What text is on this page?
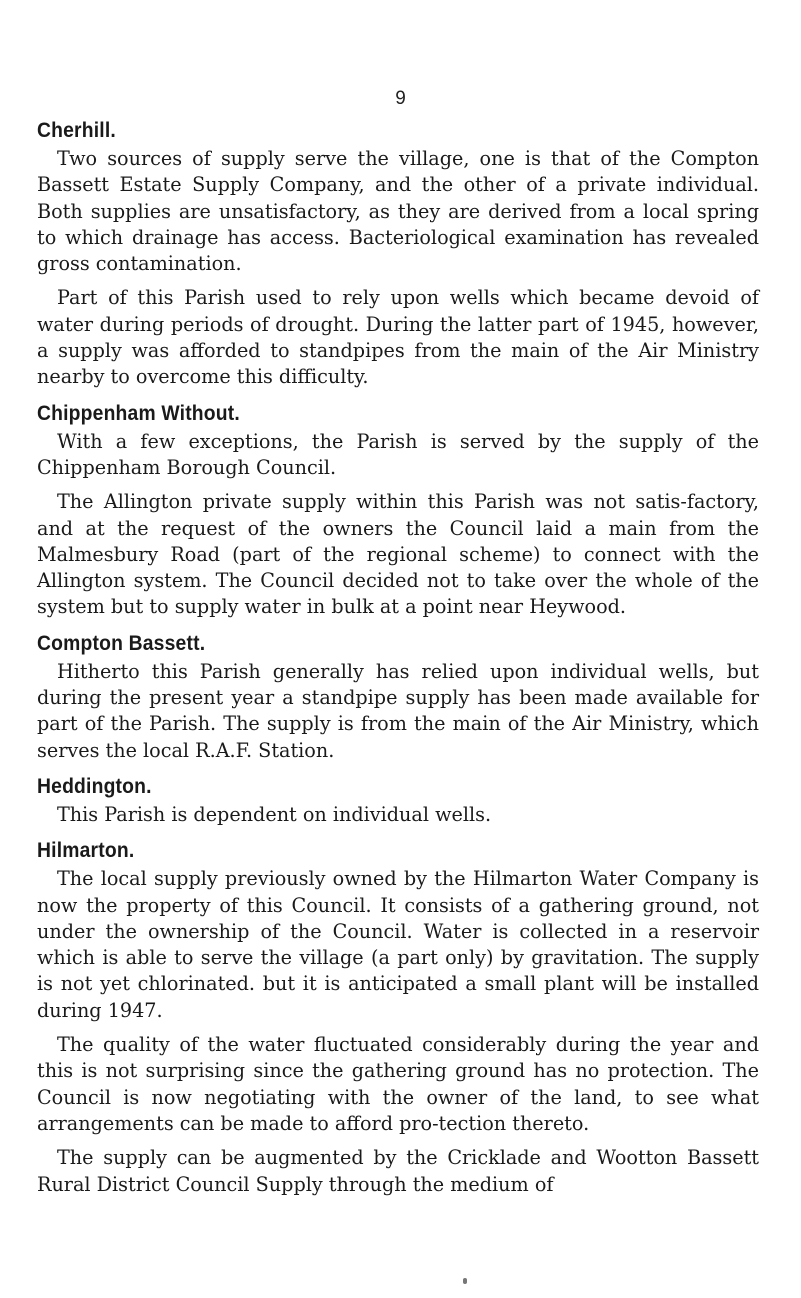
9
Cherhill.

Two sources of supply serve the village, one is that of the Compton Bassett Estate Supply Company, and the other of a private individual. Both supplies are unsatisfactory, as they are derived from a local spring to which drainage has access. Bacteriological examination has revealed gross contamination.

Part of this Parish used to rely upon wells which became devoid of water during periods of drought. During the latter part of 1945, however, a supply was afforded to standpipes from the main of the Air Ministry nearby to overcome this difficulty.

Chippenham Without.

With a few exceptions, the Parish is served by the supply of the Chippenham Borough Council.

The Allington private supply within this Parish was not satis-factory, and at the request of the owners the Council laid a main from the Malmesbury Road (part of the regional scheme) to connect with the Allington system. The Council decided not to take over the whole of the system but to supply water in bulk at a point near Heywood.

Compton Bassett.

Hitherto this Parish generally has relied upon individual wells, but during the present year a standpipe supply has been made available for part of the Parish. The supply is from the main of the Air Ministry, which serves the local R.A.F. Station.

Heddington.

This Parish is dependent on individual wells.

Hilmarton.

The local supply previously owned by the Hilmarton Water Company is now the property of this Council. It consists of a gathering ground, not under the ownership of the Council. Water is collected in a reservoir which is able to serve the village (a part only) by gravitation. The supply is not yet chlorinated. but it is anticipated a small plant will be installed during 1947.

The quality of the water fluctuated considerably during the year and this is not surprising since the gathering ground has no protection. The Council is now negotiating with the owner of the land, to see what arrangements can be made to afford pro-tection thereto.

The supply can be augmented by the Cricklade and Wootton Bassett Rural District Council Supply through the medium of
